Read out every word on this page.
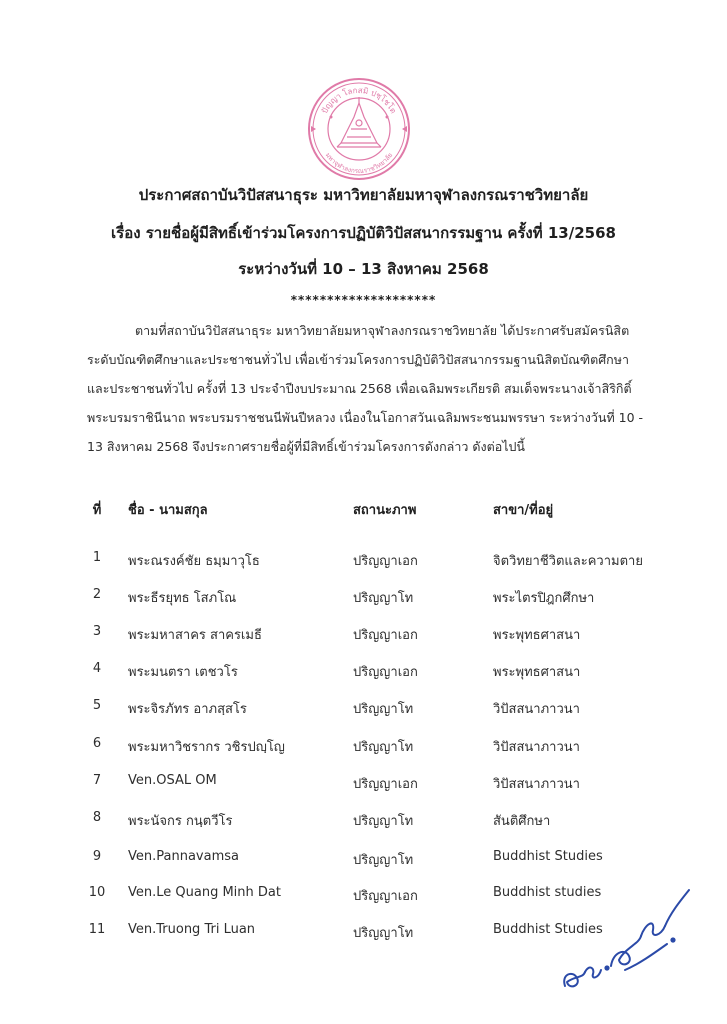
ปัญญา โลกสมิ ปชฺโชโต
มหาจุฬาลงกรณราชวิทยาลัย
ประกาศสถาบันวิปัสสนาธุระ มหาวิทยาลัยมหาจุฬาลงกรณราชวิทยาลัย
เรื่อง รายชื่อผู้มีสิทธิ์เข้าร่วมโครงการปฏิบัติวิปัสสนากรรมฐาน ครั้งที่ 13/2568
ระหว่างวันที่ 10 – 13 สิงหาคม 2568
********************
ตามที่สถาบันวิปัสสนาธุระ มหาวิทยาลัยมหาจุฬาลงกรณราชวิทยาลัย ได้ประกาศรับสมัครนิสิตระดับบัณฑิตศึกษาและประชาชนทั่วไป เพื่อเข้าร่วมโครงการปฏิบัติวิปัสสนากรรมฐานนิสิตบัณฑิตศึกษาและประชาชนทั่วไป ครั้งที่ 13 ประจำปีงบประมาณ 2568 เพื่อเฉลิมพระเกียรติ สมเด็จพระนางเจ้าสิริกิติ์ พระบรมราชินีนาถ พระบรมราชชนนีพันปีหลวง เนื่องในโอกาสวันเฉลิมพระชนมพรรษา ระหว่างวันที่ 10 - 13 สิงหาคม 2568 จึงประกาศรายชื่อผู้ที่มีสิทธิ์เข้าร่วมโครงการดังกล่าว ดังต่อไปนี้
ที่	ชื่อ - นามสกุล	สถานะภาพ	สาขา/ที่อยู่
1	พระณรงค์ชัย ธมฺมาวุโธ	ปริญญาเอก	จิตวิทยาชีวิตและความตาย
2	พระธีรยุทธ โสภโณ	ปริญญาโท	พระไตรปิฎกศึกษา
3	พระมหาสาคร สาครเมธี	ปริญญาเอก	พระพุทธศาสนา
4	พระมนตรา เตชวโร	ปริญญาเอก	พระพุทธศาสนา
5	พระจิรภัทร อาภสฺสโร	ปริญญาโท	วิปัสสนาภาวนา
6	พระมหาวิชรากร วชิรปญฺโญ	ปริญญาโท	วิปัสสนาภาวนา
7	Ven.OSAL OM	ปริญญาเอก	วิปัสสนาภาวนา
8	พระนัจกร กนฺตวีโร	ปริญญาโท	สันติศึกษา
9	Ven.Pannavamsa	ปริญญาโท	Buddhist Studies
10	Ven.Le Quang Minh Dat	ปริญญาเอก	Buddhist studies
11	Ven.Truong Tri Luan	ปริญญาโท	Buddhist Studies
